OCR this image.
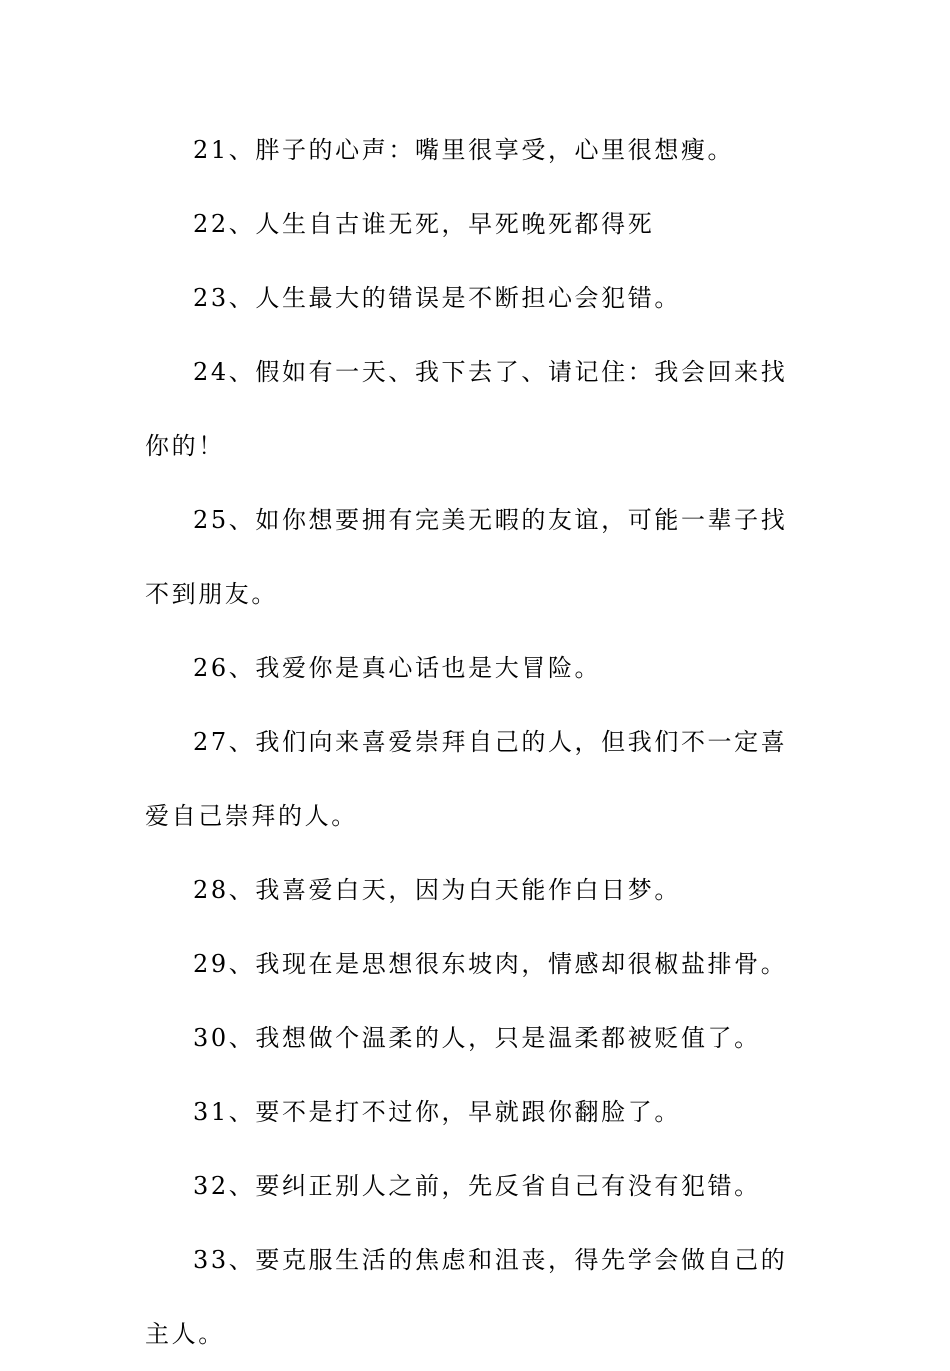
21、胖子的心声：嘴里很享受，心里很想瘦。

22、人生自古谁无死，早死晚死都得死

23、人生最大的错误是不断担心会犯错。

24、假如有一天、我下去了、请记住：我会回来找你的！

25、如你想要拥有完美无暇的友谊，可能一辈子找不到朋友。

26、我爱你是真心话也是大冒险。

27、我们向来喜爱崇拜自己的人，但我们不一定喜爱自己崇拜的人。

28、我喜爱白天，因为白天能作白日梦。

29、我现在是思想很东坡肉，情感却很椒盐排骨。

30、我想做个温柔的人，只是温柔都被贬值了。

31、要不是打不过你，早就跟你翻脸了。

32、要纠正别人之前，先反省自己有没有犯错。

33、要克服生活的焦虑和沮丧，得先学会做自己的主人。
